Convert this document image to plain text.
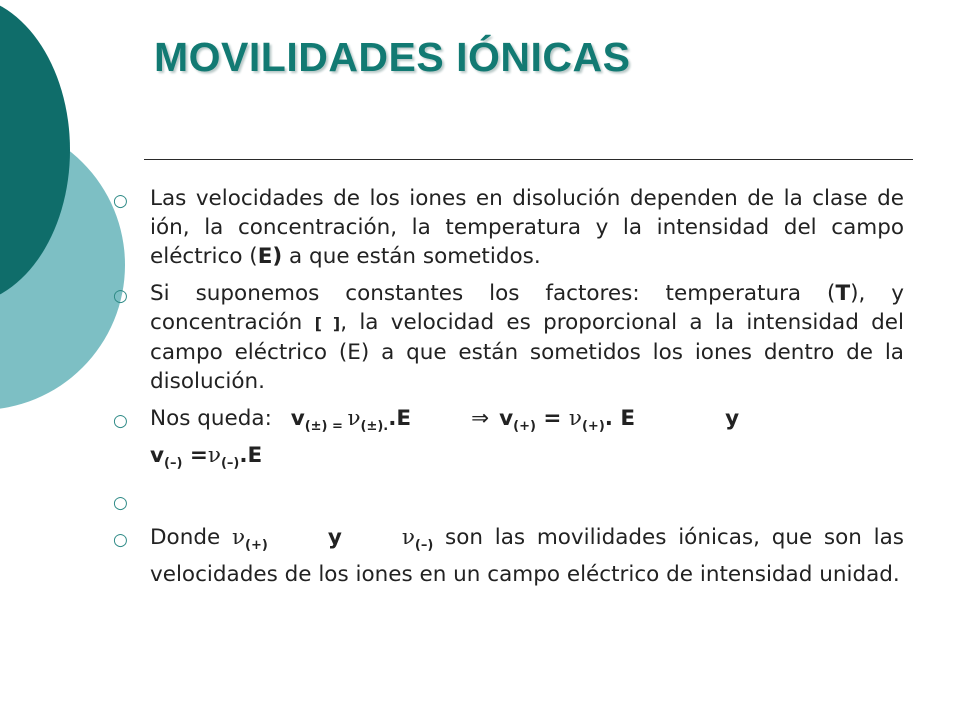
MOVILIDADES IÓNICAS
○ Las velocidades de los iones en disolución dependen de la clase de ión, la concentración, la temperatura y la intensidad del campo eléctrico (E) a que están sometidos.
○ Si suponemos constantes los factores: temperatura (T), y concentración [ ], la velocidad es proporcional a la intensidad del campo eléctrico (E) a que están sometidos los iones dentro de la disolución.
○ Nos queda: $v_{(\pm) =}$ $\nu_{(\pm).}.E$	⇒ $v_{(+)} = \nu_{(+)}$. E	y
$v_{(-)} =\nu_{(-)}.E$
○
○ Donde $\nu_{(+)}$	y	$\nu_{(-)}$ son las movilidades iónicas, que son las velocidades de los iones en un campo eléctrico de intensidad unidad.
